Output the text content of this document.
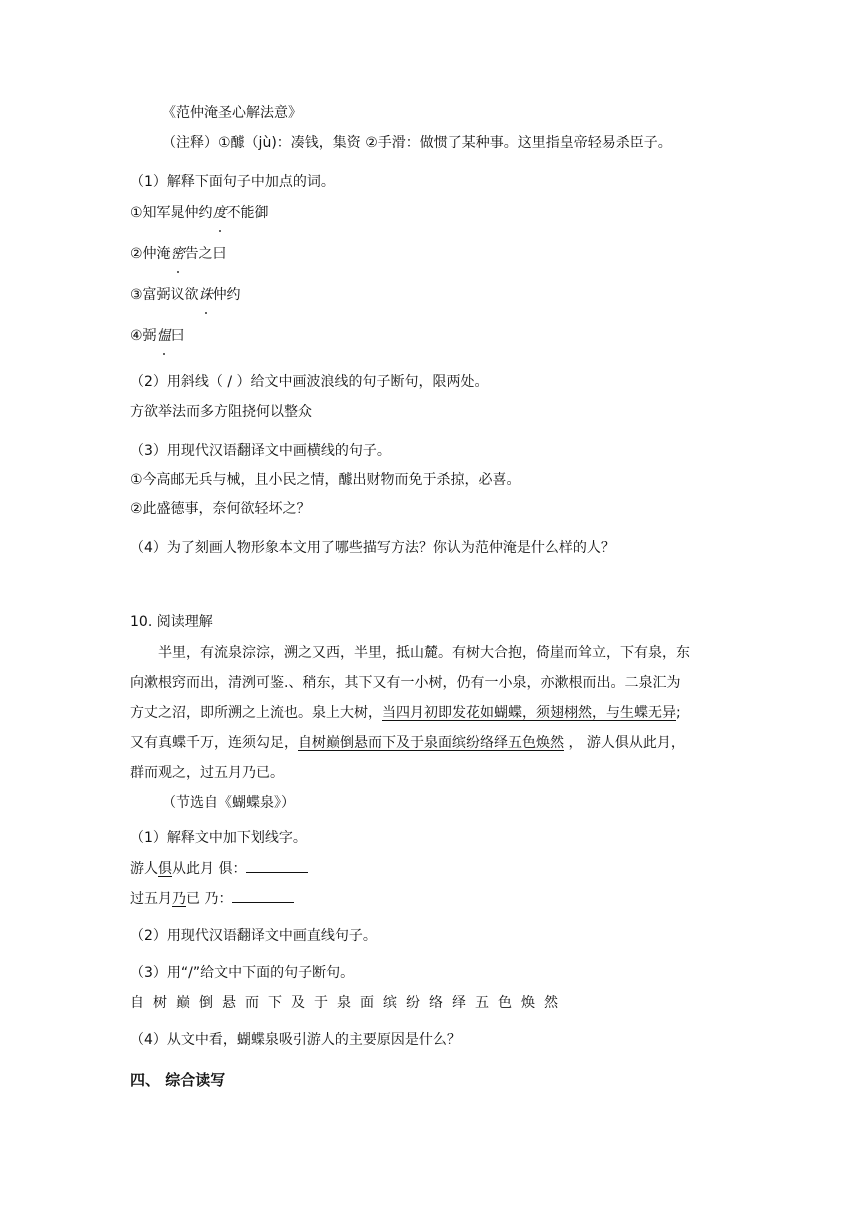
《范仲淹圣心解法意》
（注释）①醵（jù)：凑钱，集资 ②手滑：做惯了某种事。这里指皇帝轻易杀臣子。
（1）解释下面句子中加点的词。
①知军晁仲约度不能御
②仲淹密告之曰
③富弼议欲诛仲约
④弼愠曰
（2）用斜线（ / ）给文中画波浪线的句子断句，限两处。
方欲举法而多方阻挠何以整众
（3）用现代汉语翻译文中画横线的句子。
①今高邮无兵与械，且小民之情，醵出财物而免于杀掠，必喜。
②此盛德事，奈何欲轻坏之？
（4）为了刻画人物形象本文用了哪些描写方法？你认为范仲淹是什么样的人？
10. 阅读理解
半里，有流泉淙淙，溯之又西，半里，抵山麓。有树大合抱，倚崖而耸立，下有泉，东
向漱根窍而出，清洌可鉴.、稍东，其下又有一小树，仍有一小泉，亦漱根而出。二泉汇为
方丈之沼，即所溯之上流也。泉上大树，当四月初即发花如蝴蝶，须翅栩然，与生蝶无异;
又有真蝶千万，连须勾足，自树巅倒悬而下及于泉面缤纷络绎五色焕然 ， 游人俱从此月，
群而观之，过五月乃已。
（节选自《蝴蝶泉》）
（1）解释文中加下划线字。
游人俱从此月 俱：
过五月乃已 乃：
（2）用现代汉语翻译文中画直线句子。
（3）用“/”给文中下面的句子断句。
自树巅倒悬而下及于泉面缤纷络绎五色焕然
（4）从文中看，蝴蝶泉吸引游人的主要原因是什么？
四、 综合读写
